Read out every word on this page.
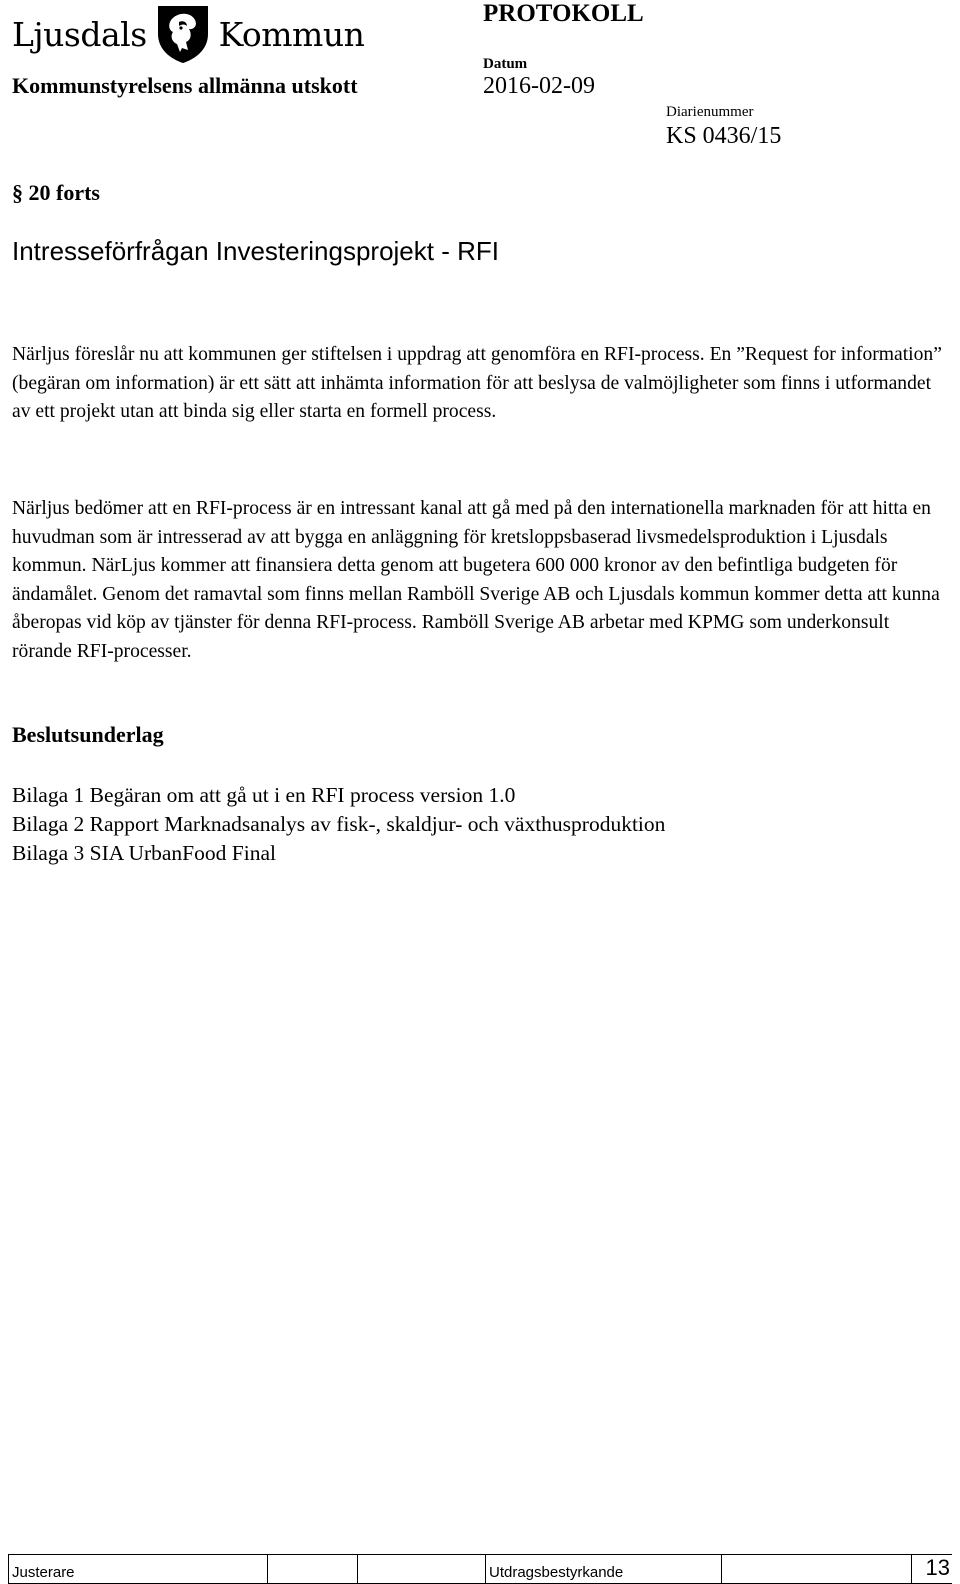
Ljusdals Kommun
PROTOKOLL
Kommunstyrelsens allmänna utskott
Datum
2016-02-09
Diarienummer
KS 0436/15
§ 20 forts
Intresseförfrågan Investeringsprojekt - RFI

Närljus föreslår nu att kommunen ger stiftelsen i uppdrag att genomföra en RFI-process. En ”Request for information” (begäran om information) är ett sätt att inhämta information för att beslysa de valmöjligheter som finns i utformandet av ett projekt utan att binda sig eller starta en formell process.

Närljus bedömer att en RFI-process är en intressant kanal att gå med på den internationella marknaden för att hitta en huvudman som är intresserad av att bygga en anläggning för kretsloppsbaserad livsmedelsproduktion i Ljusdals kommun. NärLjus kommer att finansiera detta genom att bugetera 600 000 kronor av den befintliga budgeten för ändamålet. Genom det ramavtal som finns mellan Ramböll Sverige AB och Ljusdals kommun kommer detta att kunna åberopas vid köp av tjänster för denna RFI-process. Ramböll Sverige AB arbetar med KPMG som underkonsult rörande RFI-processer.

Beslutsunderlag
Bilaga 1 Begäran om att gå ut i en RFI process version 1.0
Bilaga 2 Rapport Marknadsanalys av fisk-, skaldjur- och växthusproduktion
Bilaga 3 SIA UrbanFood Final
Justerare	Utdragsbestyrkande	13
